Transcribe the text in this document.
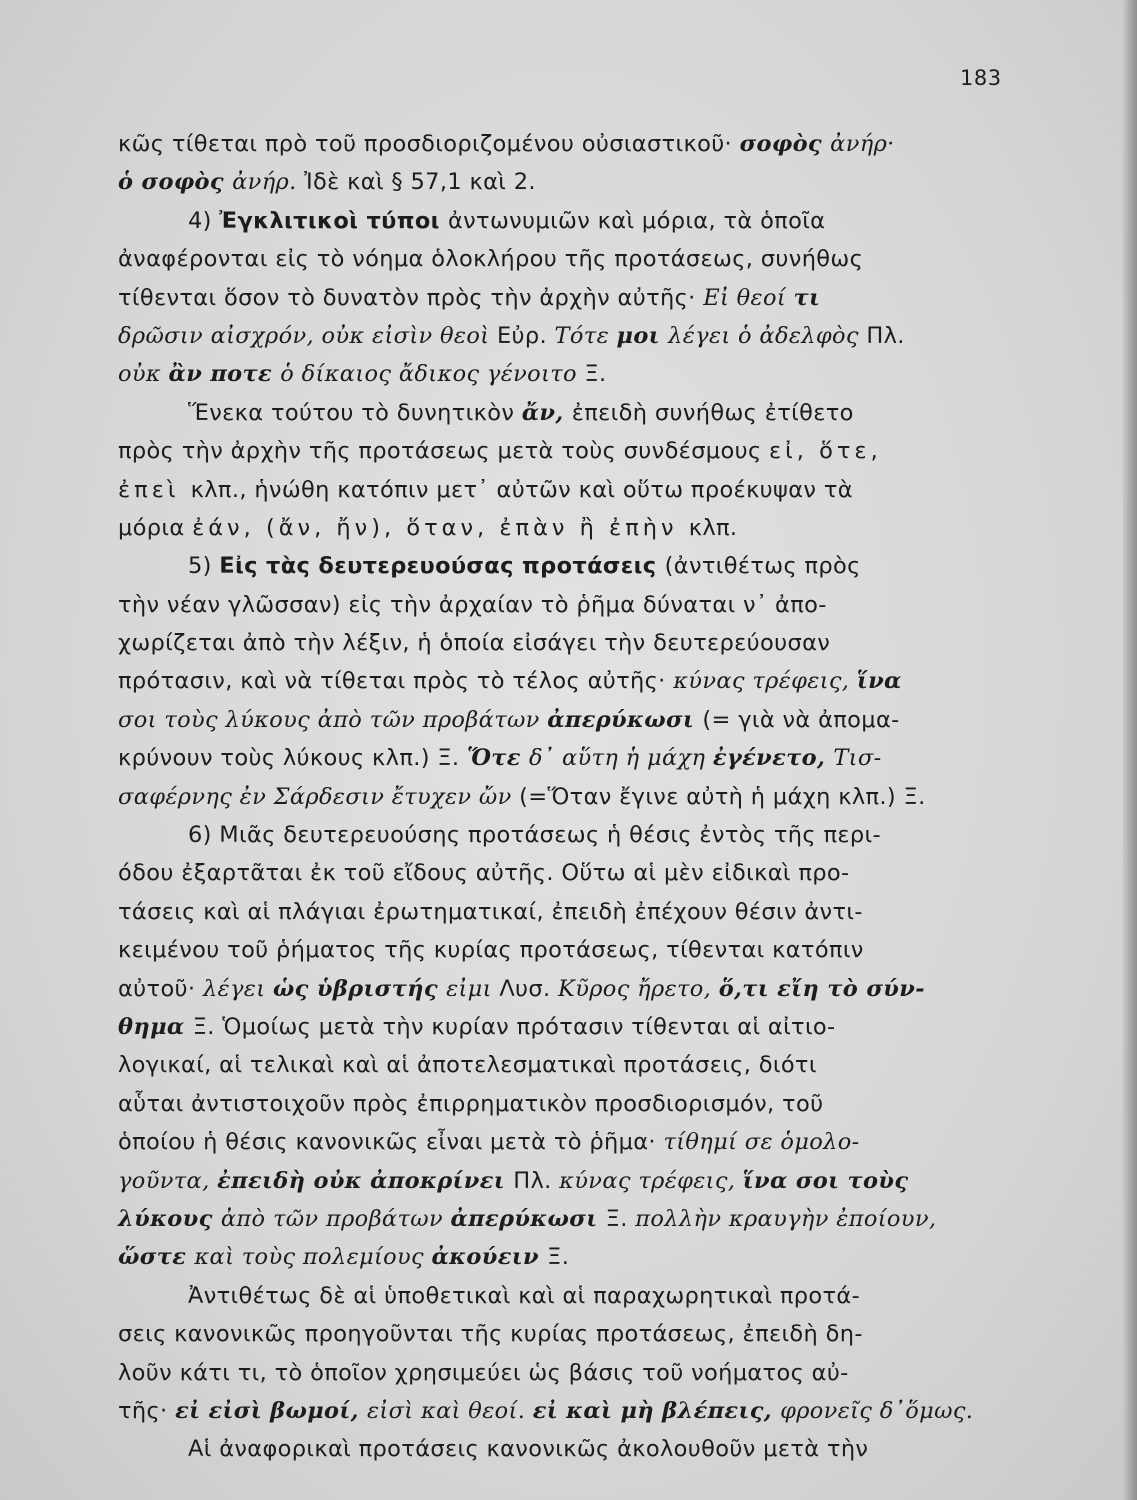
183
κῶς τίθεται πρὸ τοῦ προσδιοριζομένου οὐσιαστικοῦ· σοφὸς ἀνήρ·
ὁ σοφὸς ἀνήρ. Ἰδὲ καὶ § 57,1 καὶ 2.
4) Ἐγκλιτικοὶ τύποι ἀντωνυμιῶν καὶ μόρια, τὰ ὁποῖα
ἀναφέρονται εἰς τὸ νόημα ὁλοκλήρου τῆς προτάσεως, συνήθως
τίθενται ὅσον τὸ δυνατὸν πρὸς τὴν ἀρχὴν αὐτῆς· Εἰ θεοί τι
δρῶσιν αἰσχρόν, οὐκ εἰσὶν θεοὶ Εὐρ. Τότε μοι λέγει ὁ ἀδελφὸς Πλ.
οὐκ ἂν ποτε ὁ δίκαιος ἄδικος γένοιτο Ξ.
Ἕνεκα τούτου τὸ δυνητικὸν ἄν, ἐπειδὴ συνήθως ἐτίθετο
πρὸς τὴν ἀρχὴν τῆς προτάσεως μετὰ τοὺς συνδέσμους εἰ, ὅτε,
ἐπεὶ κλπ., ἡνώθη κατόπιν μετ᾽ αὐτῶν καὶ οὕτω προέκυψαν τὰ
μόρια ἐάν, (ἄν, ἤν), ὅταν, ἐπὰν ἢ ἐπὴν κλπ.
5) Εἰς τὰς δευτερευούσας προτάσεις (ἀντιθέτως πρὸς
τὴν νέαν γλῶσσαν) εἰς τὴν ἀρχαίαν τὸ ῥῆμα δύναται ν᾽ ἀπο-
χωρίζεται ἀπὸ τὴν λέξιν, ἡ ὁποία εἰσάγει τὴν δευτερεύουσαν
πρότασιν, καὶ νὰ τίθεται πρὸς τὸ τέλος αὐτῆς· κύνας τρέφεις, ἵνα
σοι τοὺς λύκους ἀπὸ τῶν προβάτων ἀπερύκωσι (= γιὰ νὰ ἀπομα-
κρύνουν τοὺς λύκους κλπ.) Ξ. Ὅτε δ᾽ αὕτη ἡ μάχη ἐγένετο, Τισ-
σαφέρνης ἐν Σάρδεσιν ἔτυχεν ὤν (=Ὅταν ἔγινε αὐτὴ ἡ μάχη κλπ.) Ξ.
6) Μιᾶς δευτερευούσης προτάσεως ἡ θέσις ἐντὸς τῆς περι-
όδου ἐξαρτᾶται ἐκ τοῦ εἴδους αὐτῆς. Οὕτω αἱ μὲν εἰδικαὶ προ-
τάσεις καὶ αἱ πλάγιαι ἐρωτηματικαί, ἐπειδὴ ἐπέχουν θέσιν ἀντι-
κειμένου τοῦ ῥήματος τῆς κυρίας προτάσεως, τίθενται κατόπιν
αὐτοῦ· λέγει ὡς ὑβριστής εἰμι Λυσ. Κῦρος ἤρετο, ὅ,τι εἴη τὸ σύν-
θημα Ξ. Ὁμοίως μετὰ τὴν κυρίαν πρότασιν τίθενται αἱ αἰτιο-
λογικαί, αἱ τελικαὶ καὶ αἱ ἀποτελεσματικαὶ προτάσεις, διότι
αὗται ἀντιστοιχοῦν πρὸς ἐπιρρηματικὸν προσδιορισμόν, τοῦ
ὁποίου ἡ θέσις κανονικῶς εἶναι μετὰ τὸ ῥῆμα· τίθημί σε ὁμολο-
γοῦντα, ἐπειδὴ οὐκ ἀποκρίνει Πλ. κύνας τρέφεις, ἵνα σοι τοὺς
λύκους ἀπὸ τῶν προβάτων ἀπερύκωσι Ξ. πολλὴν κραυγὴν ἐποίουν,
ὥστε καὶ τοὺς πολεμίους ἀκούειν Ξ.
Ἀντιθέτως δὲ αἱ ὑποθετικαὶ καὶ αἱ παραχωρητικαὶ προτά-
σεις κανονικῶς προηγοῦνται τῆς κυρίας προτάσεως, ἐπειδὴ δη-
λοῦν κάτι τι, τὸ ὁποῖον χρησιμεύει ὡς βάσις τοῦ νοήματος αὐ-
τῆς· εἰ εἰσὶ βωμοί, εἰσὶ καὶ θεοί. εἰ καὶ μὴ βλέπεις, φρονεῖς δ᾽ὅμως.
Αἱ ἀναφορικαὶ προτάσεις κανονικῶς ἀκολουθοῦν μετὰ τὴν
